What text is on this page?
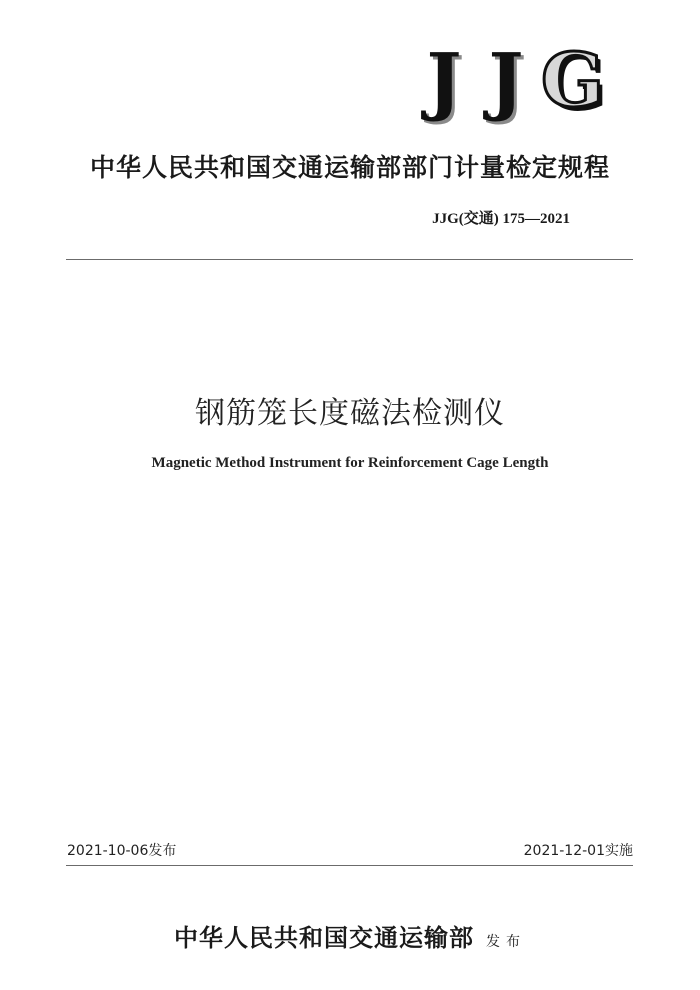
J J G
中华人民共和国交通运输部部门计量检定规程
JJG(交通) 175—2021
钢筋笼长度磁法检测仪
Magnetic Method Instrument for Reinforcement Cage Length
2021-10-06发布	2021-12-01实施
中华人民共和国交通运输部 发布
